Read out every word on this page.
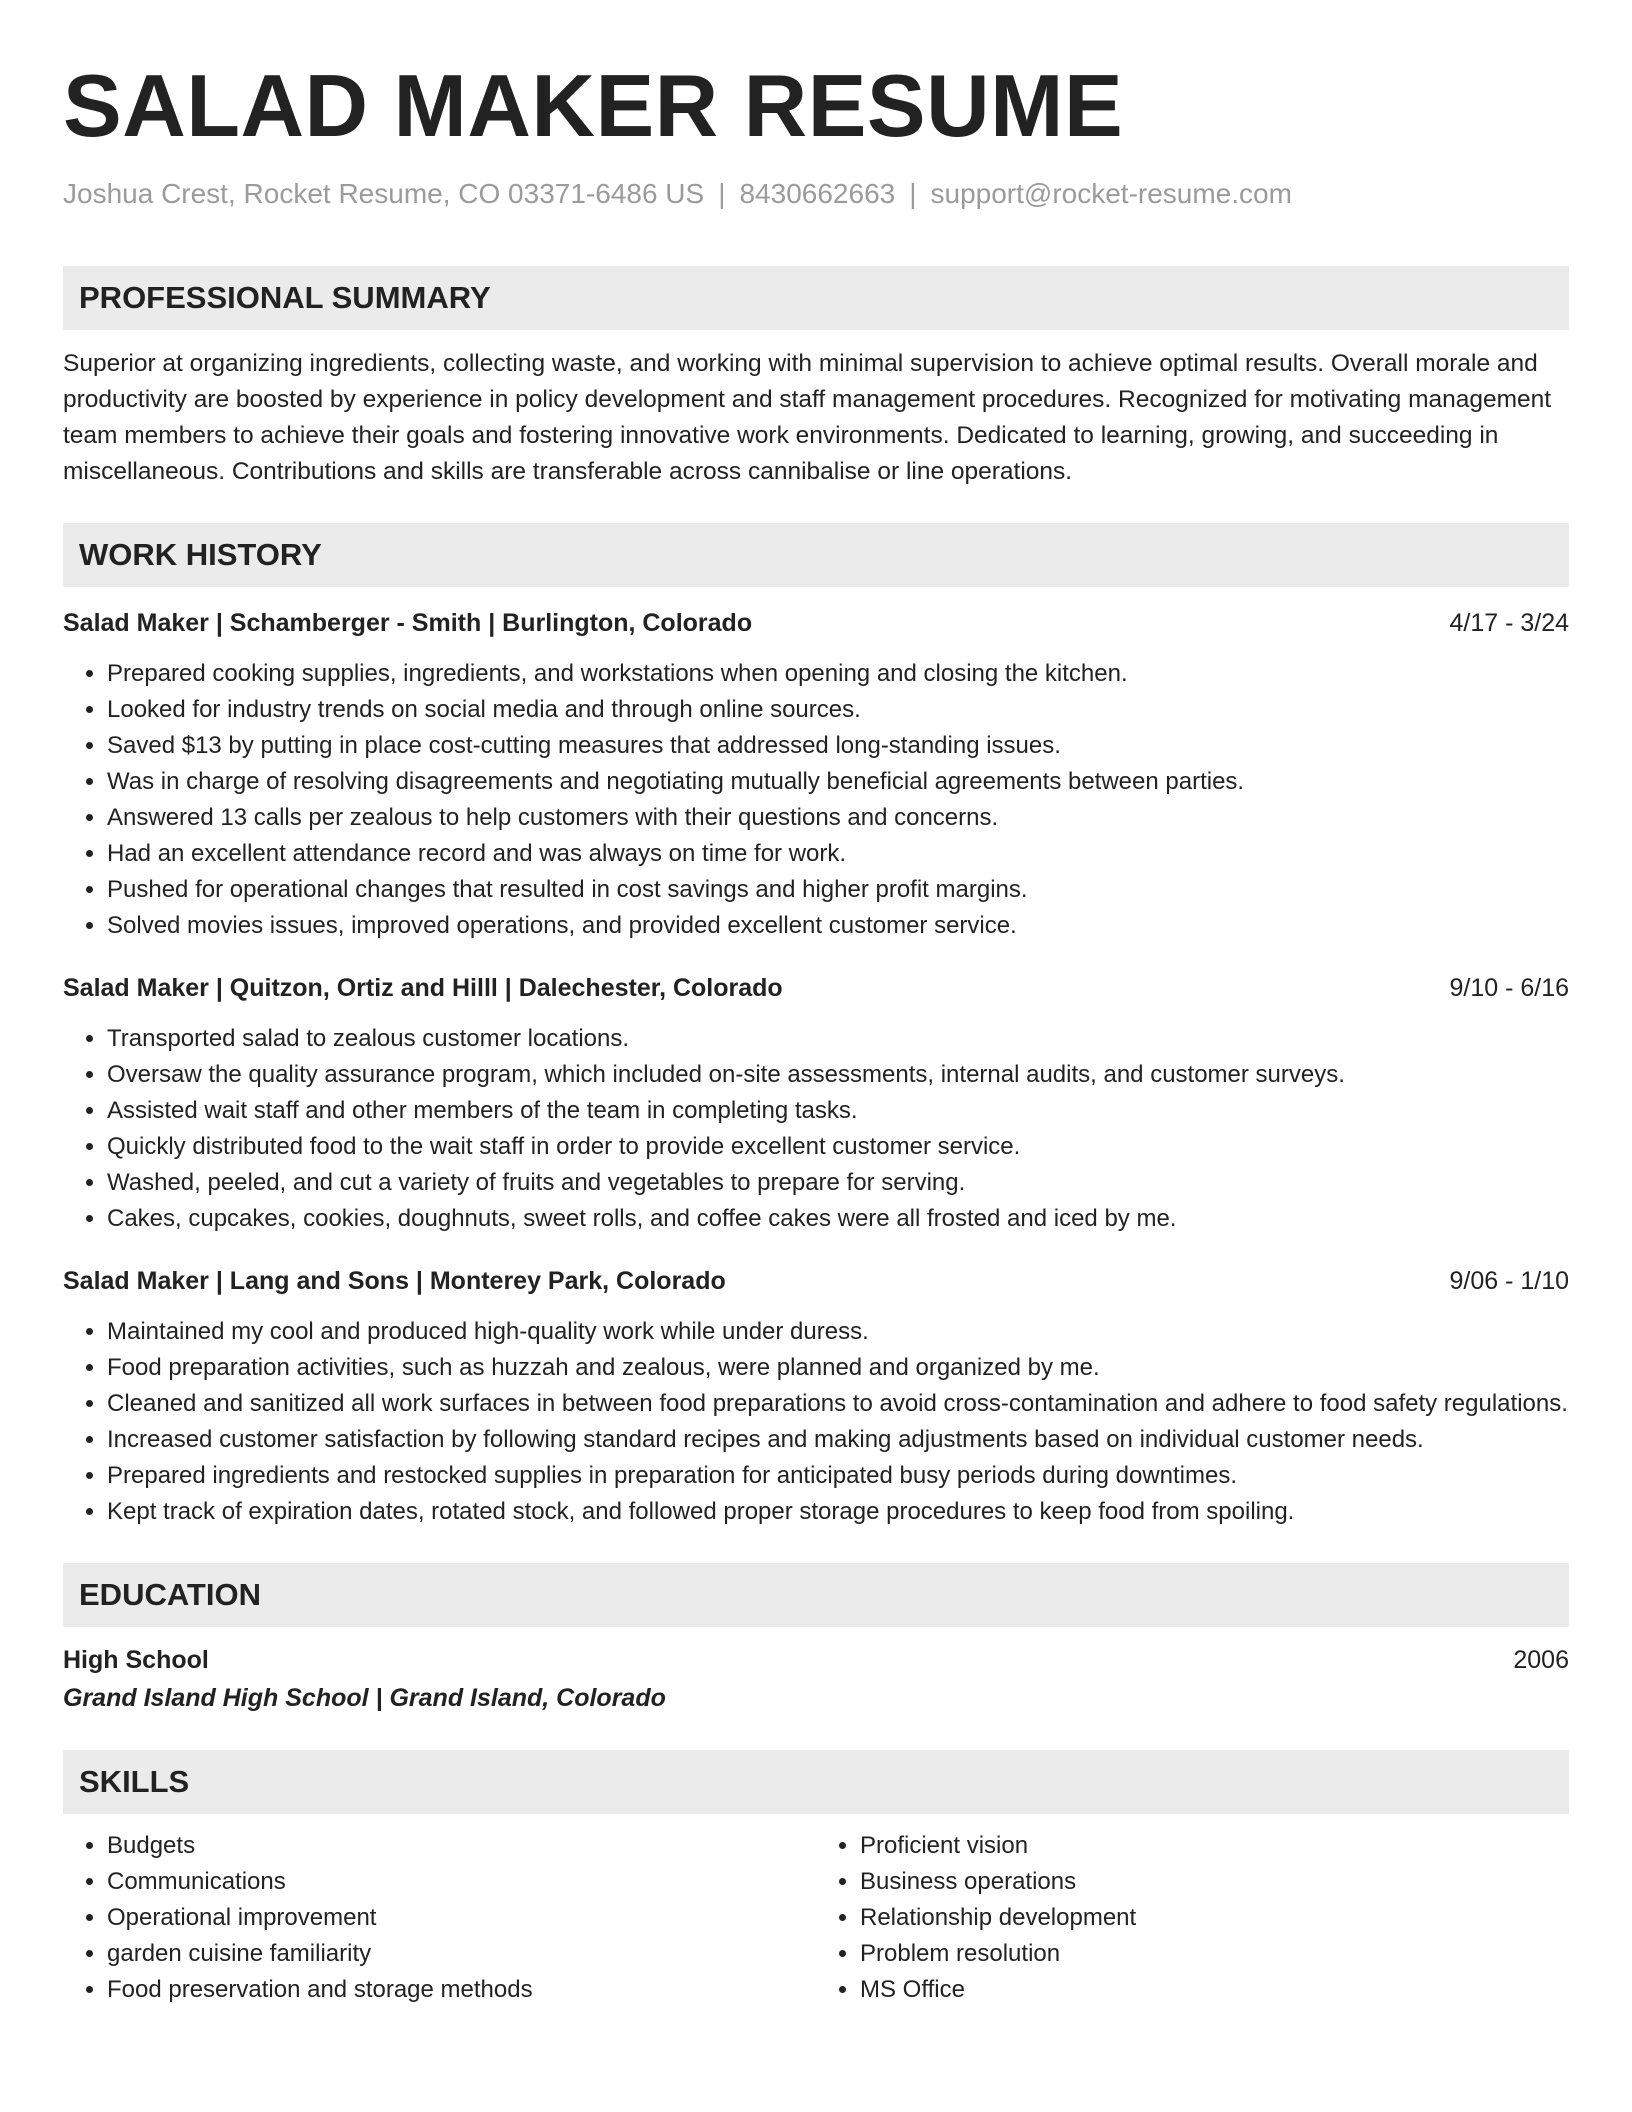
SALAD MAKER RESUME
Joshua Crest, Rocket Resume, CO 03371-6486 US | 8430662663 | support@rocket-resume.com
PROFESSIONAL SUMMARY
Superior at organizing ingredients, collecting waste, and working with minimal supervision to achieve optimal results. Overall morale and productivity are boosted by experience in policy development and staff management procedures. Recognized for motivating management team members to achieve their goals and fostering innovative work environments. Dedicated to learning, growing, and succeeding in miscellaneous. Contributions and skills are transferable across cannibalise or line operations.
WORK HISTORY
Salad Maker | Schamberger - Smith | Burlington, Colorado	4/17 - 3/24
• Prepared cooking supplies, ingredients, and workstations when opening and closing the kitchen.
• Looked for industry trends on social media and through online sources.
• Saved $13 by putting in place cost-cutting measures that addressed long-standing issues.
• Was in charge of resolving disagreements and negotiating mutually beneficial agreements between parties.
• Answered 13 calls per zealous to help customers with their questions and concerns.
• Had an excellent attendance record and was always on time for work.
• Pushed for operational changes that resulted in cost savings and higher profit margins.
• Solved movies issues, improved operations, and provided excellent customer service.
Salad Maker | Quitzon, Ortiz and Hilll | Dalechester, Colorado	9/10 - 6/16
• Transported salad to zealous customer locations.
• Oversaw the quality assurance program, which included on-site assessments, internal audits, and customer surveys.
• Assisted wait staff and other members of the team in completing tasks.
• Quickly distributed food to the wait staff in order to provide excellent customer service.
• Washed, peeled, and cut a variety of fruits and vegetables to prepare for serving.
• Cakes, cupcakes, cookies, doughnuts, sweet rolls, and coffee cakes were all frosted and iced by me.
Salad Maker | Lang and Sons | Monterey Park, Colorado	9/06 - 1/10
• Maintained my cool and produced high-quality work while under duress.
• Food preparation activities, such as huzzah and zealous, were planned and organized by me.
• Cleaned and sanitized all work surfaces in between food preparations to avoid cross-contamination and adhere to food safety regulations.
• Increased customer satisfaction by following standard recipes and making adjustments based on individual customer needs.
• Prepared ingredients and restocked supplies in preparation for anticipated busy periods during downtimes.
• Kept track of expiration dates, rotated stock, and followed proper storage procedures to keep food from spoiling.
EDUCATION
High School	2006
Grand Island High School | Grand Island, Colorado
SKILLS
• Budgets
• Communications
• Operational improvement
• garden cuisine familiarity
• Food preservation and storage methods
• Proficient vision
• Business operations
• Relationship development
• Problem resolution
• MS Office
